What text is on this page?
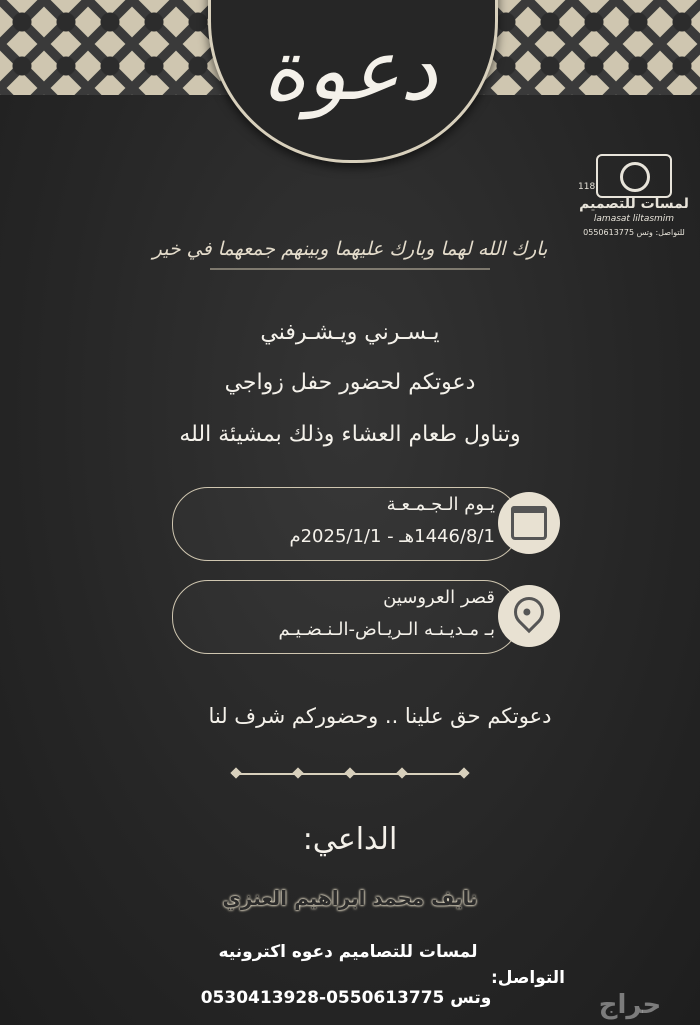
دعوة
118
لمسات للتصميم
lamasat liltasmim
للتواصل: وتس 0550613775
بارك الله لهما وبارك عليهما وبينهم جمعهما في خير
يـسـرني ويـشـرفني
دعوتكم لحضور حفل زواجي
وتناول طعام العشاء وذلك بمشيئة الله
يـوم الـجـمـعـة
1446/8/1هـ - 2025/1/1م
قصر العروسين
بـ مـديـنـه الـريـاض-الـنـضـيـم
دعوتكم حق علينا .. وحضوركم شرف لنا
الداعي:
نايف محمد ابراهيم العنزي
لمسات للتصاميم دعوه اكترونيه
التواصل:
وتس 0550613775-0530413928	حراج
